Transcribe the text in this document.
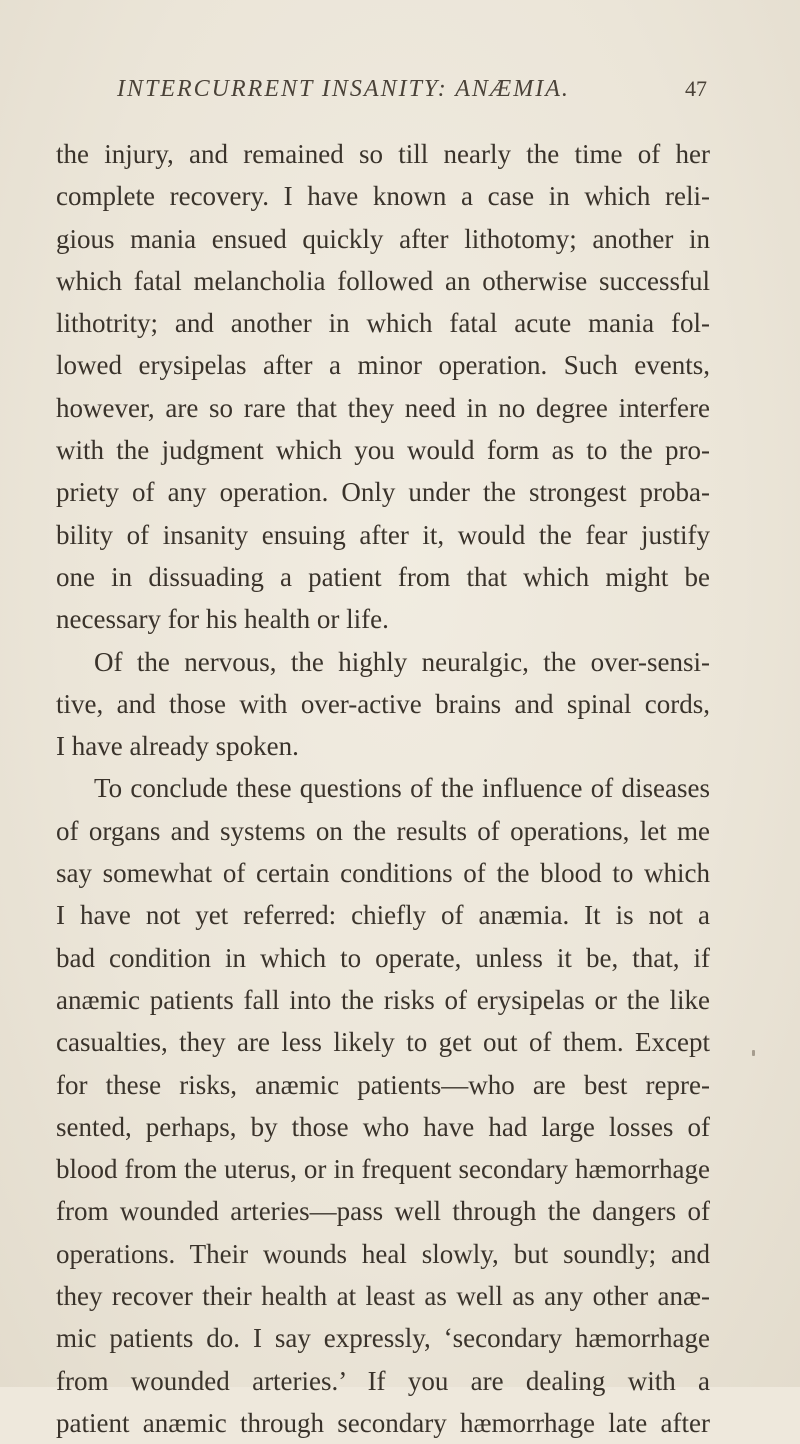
INTERCURRENT INSANITY: ANÆMIA.	47
the injury, and remained so till nearly the time of her
complete recovery. I have known a case in which reli-
gious mania ensued quickly after lithotomy; another in
which fatal melancholia followed an otherwise successful
lithotrity; and another in which fatal acute mania fol-
lowed erysipelas after a minor operation. Such events,
however, are so rare that they need in no degree interfere
with the judgment which you would form as to the pro-
priety of any operation. Only under the strongest proba-
bility of insanity ensuing after it, would the fear justify
one in dissuading a patient from that which might be
necessary for his health or life.
Of the nervous, the highly neuralgic, the over-sensi-
tive, and those with over-active brains and spinal cords,
I have already spoken.
To conclude these questions of the influence of diseases
of organs and systems on the results of operations, let me
say somewhat of certain conditions of the blood to which
I have not yet referred: chiefly of anæmia. It is not a
bad condition in which to operate, unless it be, that, if
anæmic patients fall into the risks of erysipelas or the like
casualties, they are less likely to get out of them. Except
for these risks, anæmic patients—who are best repre-
sented, perhaps, by those who have had large losses of
blood from the uterus, or in frequent secondary hæmorrhage
from wounded arteries—pass well through the dangers of
operations. Their wounds heal slowly, but soundly; and
they recover their health at least as well as any other anæ-
mic patients do. I say expressly, ‘secondary hæmorrhage
from wounded arteries.’ If you are dealing with a
patient anæmic through secondary hæmorrhage late after
